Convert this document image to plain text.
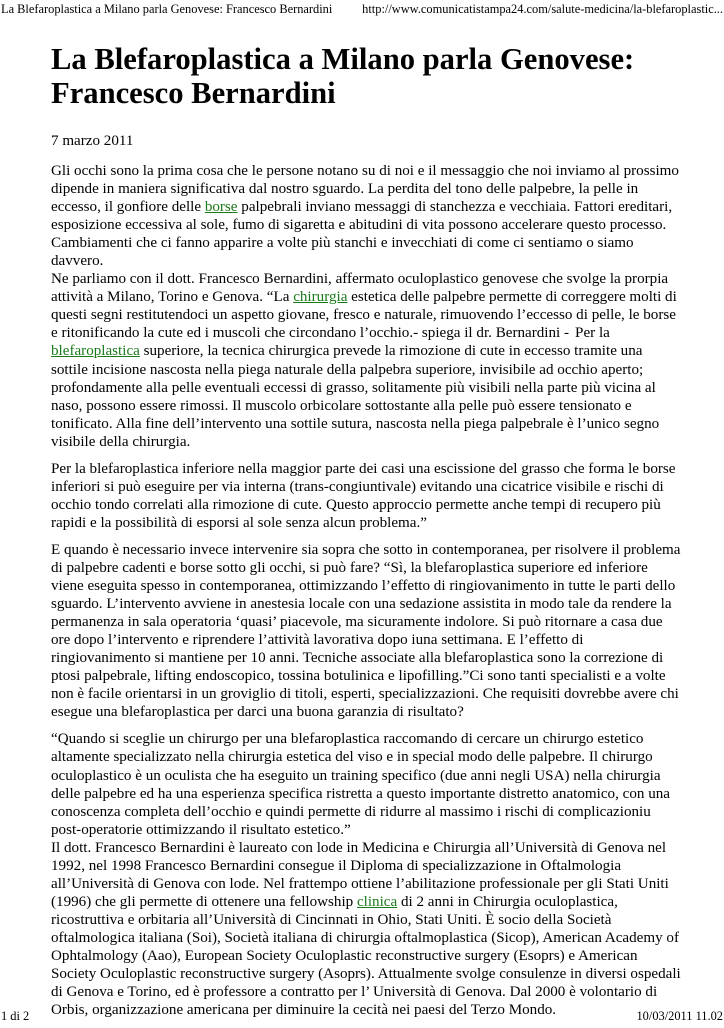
La Blefaroplastica a Milano parla Genovese: Francesco Bernardini http://www.comunicatistampa24.com/salute-medicina/la-blefaroplastic...
La Blefaroplastica a Milano parla Genovese: Francesco Bernardini
7 marzo 2011

Gli occhi sono la prima cosa che le persone notano su di noi e il messaggio che noi inviamo al prossimo dipende in maniera significativa dal nostro sguardo. La perdita del tono delle palpebre, la pelle in eccesso, il gonfiore delle borse palpebrali inviano messaggi di stanchezza e vecchiaia. Fattori ereditari, esposizione eccessiva al sole, fumo di sigaretta e abitudini di vita possono accelerare questo processo. Cambiamenti che ci fanno apparire a volte più stanchi e invecchiati di come ci sentiamo o siamo davvero.
Ne parliamo con il dott. Francesco Bernardini, affermato oculoplastico genovese che svolge la prorpia attività a Milano, Torino e Genova. “La chirurgia estetica delle palpebre permette di correggere molti di questi segni restitutendoci un aspetto giovane, fresco e naturale, rimuovendo l’eccesso di pelle, le borse e ritonificando la cute ed i muscoli che circondano l’occhio.- spiega il dr. Bernardini - Per la blefaroplastica superiore, la tecnica chirurgica prevede la rimozione di cute in eccesso tramite una sottile incisione nascosta nella piega naturale della palpebra superiore, invisibile ad occhio aperto; profondamente alla pelle eventuali eccessi di grasso, solitamente più visibili nella parte più vicina al naso, possono essere rimossi. Il muscolo orbicolare sottostante alla pelle può essere tensionato e tonificato. Alla fine dell’intervento una sottile sutura, nascosta nella piega palpebrale è l’unico segno visibile della chirurgia.

Per la blefaroplastica inferiore nella maggior parte dei casi una escissione del grasso che forma le borse inferiori si può eseguire per via interna (trans-congiuntivale) evitando una cicatrice visibile e rischi di occhio tondo correlati alla rimozione di cute. Questo approccio permette anche tempi di recupero più rapidi e la possibilità di esporsi al sole senza alcun problema.”

E quando è necessario invece intervenire sia sopra che sotto in contemporanea, per risolvere il problema di palpebre cadenti e borse sotto gli occhi, si può fare? “Sì, la blefaroplastica superiore ed inferiore viene eseguita spesso in contemporanea, ottimizzando l’effetto di ringiovanimento in tutte le parti dello sguardo. L’intervento avviene in anestesia locale con una sedazione assistita in modo tale da rendere la permanenza in sala operatoria ‘quasi’ piacevole, ma sicuramente indolore. Si può ritornare a casa due ore dopo l’intervento e riprendere l’attività lavorativa dopo iuna settimana. E l’effetto di ringiovanimento si mantiene per 10 anni. Tecniche associate alla blefaroplastica sono la correzione di ptosi palpebrale, lifting endoscopico, tossina botulinica e lipofilling.”Ci sono tanti specialisti e a volte non è facile orientarsi in un groviglio di titoli, esperti, specializzazioni. Che requisiti dovrebbe avere chi esegue una blefaroplastica per darci una buona garanzia di risultato?

“Quando si sceglie un chirurgo per una blefaroplastica raccomando di cercare un chirurgo estetico altamente specializzato nella chirurgia estetica del viso e in special modo delle palpebre. Il chirurgo oculoplastico è un oculista che ha eseguito un training specifico (due anni negli USA) nella chirurgia delle palpebre ed ha una esperienza specifica ristretta a questo importante distretto anatomico, con una conoscenza completa dell’occhio e quindi permette di ridurre al massimo i rischi di complicazioniu post-operatorie ottimizzando il risultato estetico.”
Il dott. Francesco Bernardini è laureato con lode in Medicina e Chirurgia all’Università di Genova nel 1992, nel 1998 Francesco Bernardini consegue il Diploma di specializzazione in Oftalmologia all’Università di Genova con lode. Nel frattempo ottiene l’abilitazione professionale per gli Stati Uniti (1996) che gli permette di ottenere una fellowship clinica di 2 anni in Chirurgia oculoplastica, ricostruttiva e orbitaria all’Università di Cincinnati in Ohio, Stati Uniti. È socio della Società oftalmologica italiana (Soi), Società italiana di chirurgia oftalmoplastica (Sicop), American Academy of Ophtalmology (Aao), European Society Oculoplastic reconstructive surgery (Esoprs) e American Society Oculoplastic reconstructive surgery (Asoprs). Attualmente svolge consulenze in diversi ospedali di Genova e Torino, ed è professore a contratto per l’ Università di Genova. Dal 2000 è volontario di Orbis, organizzazione americana per diminuire la cecità nei paesi del Terzo Mondo.

1 di 2	10/03/2011 11.02
